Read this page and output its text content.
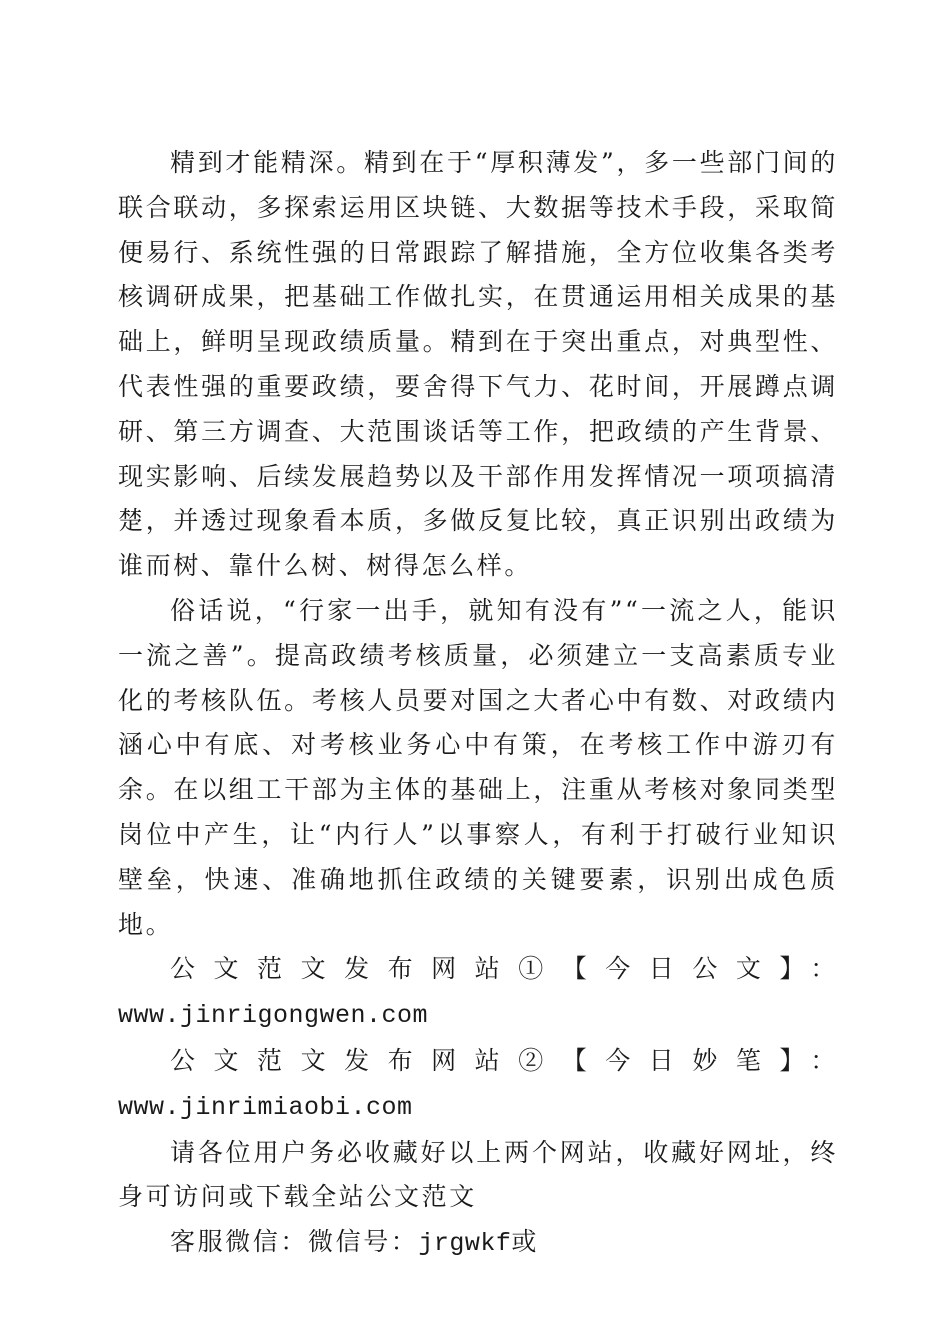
精到才能精深。精到在于“厚积薄发”，多一些部门间的联合联动，多探索运用区块链、大数据等技术手段，采取简便易行、系统性强的日常跟踪了解措施，全方位收集各类考核调研成果，把基础工作做扎实，在贯通运用相关成果的基础上，鲜明呈现政绩质量。精到在于突出重点，对典型性、代表性强的重要政绩，要舍得下气力、花时间，开展蹲点调研、第三方调查、大范围谈话等工作，把政绩的产生背景、现实影响、后续发展趋势以及干部作用发挥情况一项项搞清楚，并透过现象看本质，多做反复比较，真正识别出政绩为谁而树、靠什么树、树得怎么样。

俗话说，“行家一出手，就知有没有”“一流之人，能识一流之善”。提高政绩考核质量，必须建立一支高素质专业化的考核队伍。考核人员要对国之大者心中有数、对政绩内涵心中有底、对考核业务心中有策，在考核工作中游刃有余。在以组工干部为主体的基础上，注重从考核对象同类型岗位中产生，让“内行人”以事察人，有利于打破行业知识壁垒，快速、准确地抓住政绩的关键要素，识别出成色质地。

公文范文发布网站①【今日公文】：

www.jinrigongwen.com

公文范文发布网站②【今日妙笔】：www.jinrimiaobi.com

请各位用户务必收藏好以上两个网站，收藏好网址，终身可访问或下载全站公文范文

客服微信：微信号：jrgwkf或
